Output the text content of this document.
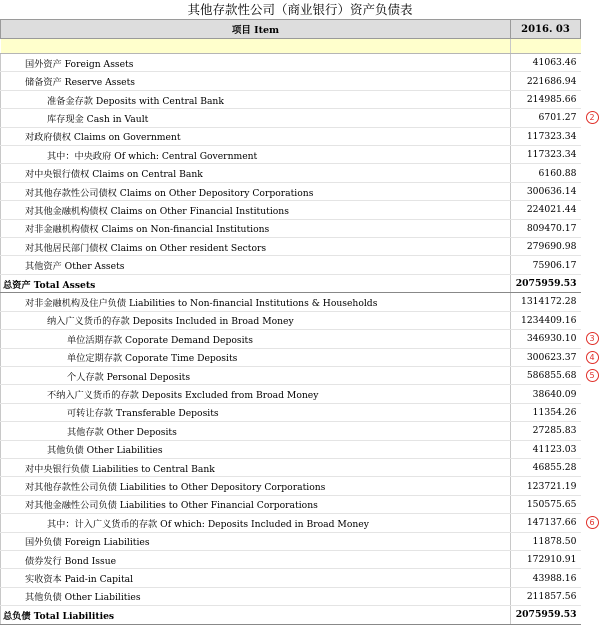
其他存款性公司（商业银行）资产负债表
项目 Item	2016. 03

国外资产 Foreign Assets	41063.46
储备资产 Reserve Assets	221686.94
准备金存款 Deposits with Central Bank	214985.66
库存现金 Cash in Vault	6701.27 2

对政府债权 Claims on Government	117323.34
其中：中央政府 Of which: Central Government	117323.34
对中央银行债权 Claims on Central Bank	6160.88
对其他存款性公司债权 Claims on Other Depository Corporations	300636.14
对其他金融机构债权 Claims on Other Financial Institutions	224021.44
对非金融机构债权 Claims on Non-financial Institutions	809470.17
对其他居民部门债权 Claims on Other resident Sectors	279690.98
其他资产 Other Assets	75906.17
总资产 Total Assets	2075959.53
对非金融机构及住户负债 Liabilities to Non-financial Institutions & Households	1314172.28
纳入广义货币的存款 Deposits Included in Broad Money	1234409.16
单位活期存款 Coporate Demand Deposits	346930.10 3

单位定期存款 Coporate Time Deposits	300623.37 4

个人存款 Personal Deposits	586855.68 5

不纳入广义货币的存款 Deposits Excluded from Broad Money	38640.09
可转让存款 Transferable Deposits	11354.26
其他存款 Other Deposits	27285.83
其他负债 Other Liabilities	41123.03
对中央银行负债 Liabilities to Central Bank	46855.28
对其他存款性公司负债 Liabilities to Other Depository Corporations	123721.19
对其他金融性公司负债 Liabilities to Other Financial Corporations	150575.65
其中：计入广义货币的存款 Of which: Deposits Included in Broad Money	147137.66 6

国外负债 Foreign Liabilities	11878.50
债券发行 Bond Issue	172910.91
实收资本 Paid-in Capital	43988.16
其他负债 Other Liabilities	211857.56
总负债 Total Liabilities	2075959.53
